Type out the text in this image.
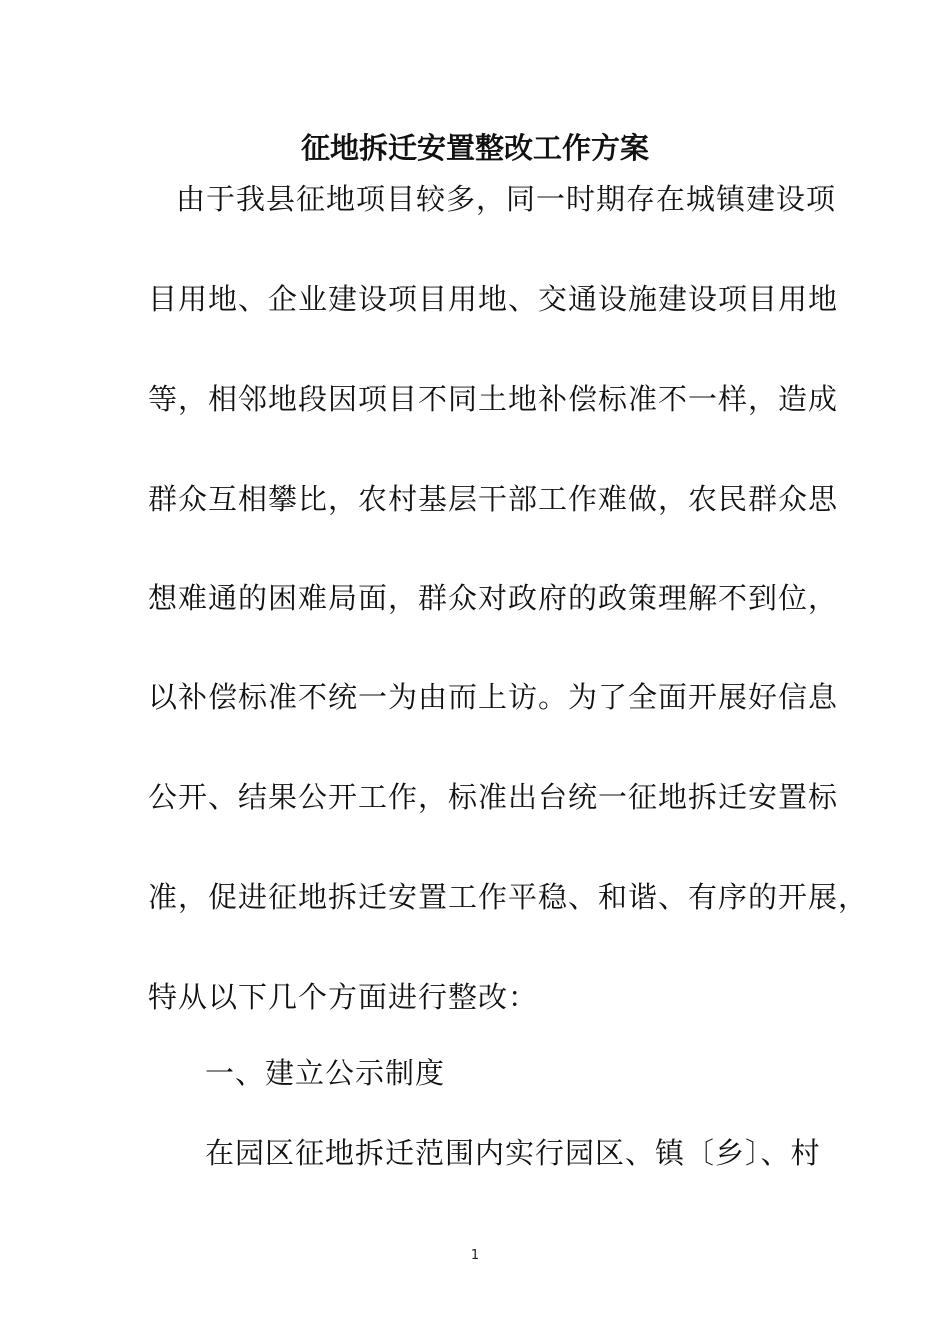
征地拆迁安置整改工作方案
由于我县征地项目较多，同一时期存在城镇建设项
目用地、企业建设项目用地、交通设施建设项目用地
等，相邻地段因项目不同土地补偿标准不一样，造成
群众互相攀比，农村基层干部工作难做，农民群众思
想难通的困难局面，群众对政府的政策理解不到位，
以补偿标准不统一为由而上访。为了全面开展好信息
公开、结果公开工作，标准出台统一征地拆迁安置标
准，促进征地拆迁安置工作平稳、和谐、有序的开展，
特从以下几个方面进行整改：
一、建立公示制度
在园区征地拆迁范围内实行园区、镇〔乡〕、村
1
